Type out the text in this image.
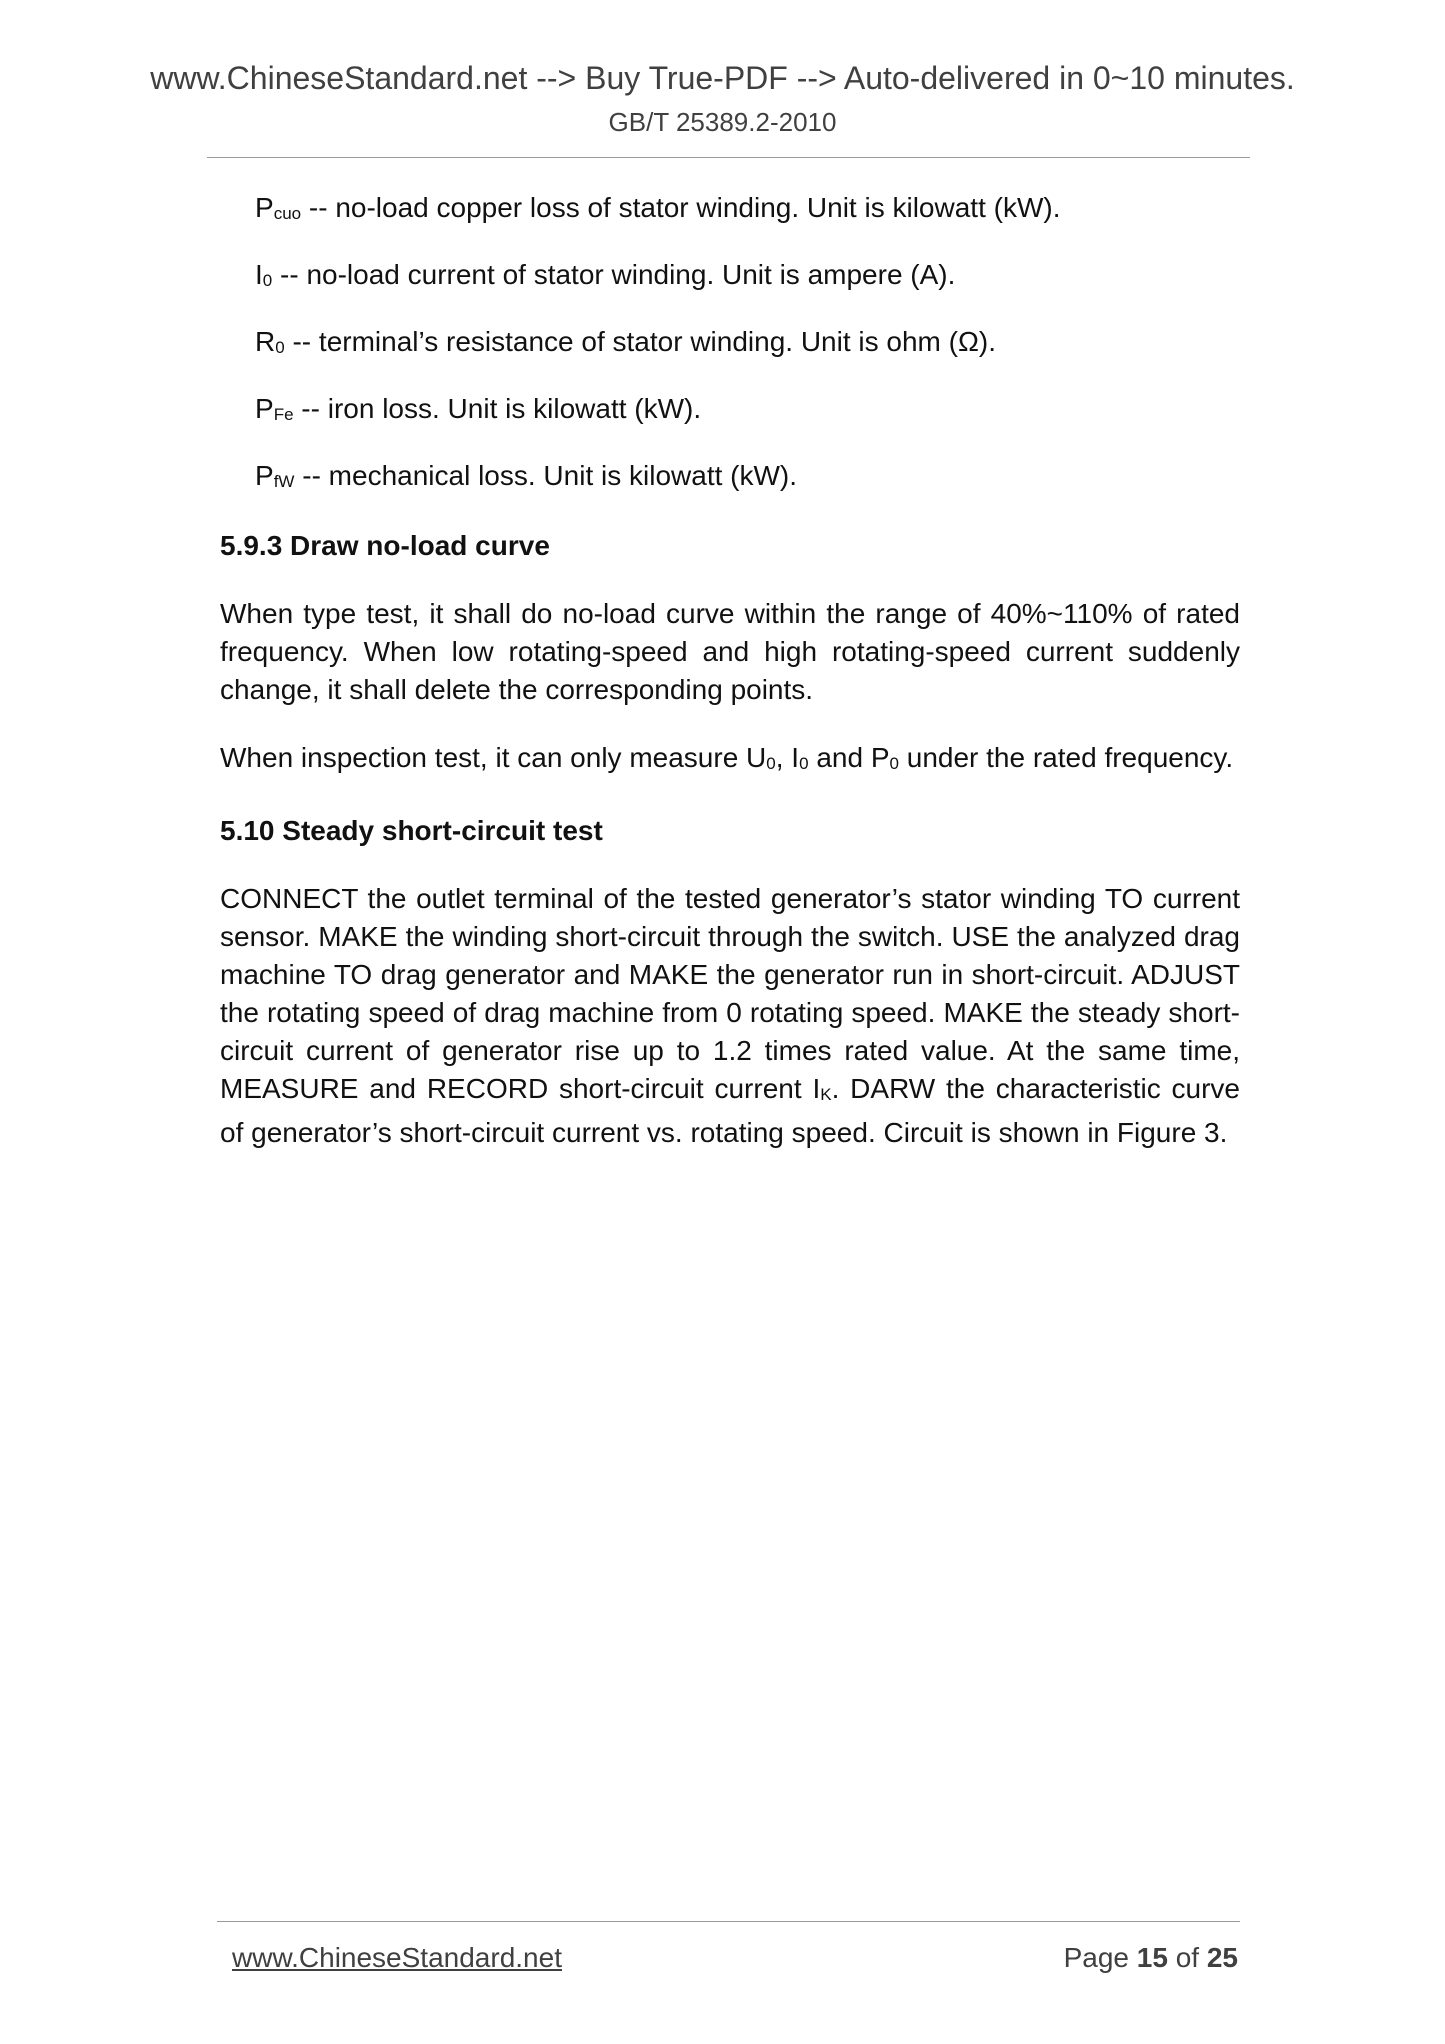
www.ChineseStandard.net --> Buy True-PDF --> Auto-delivered in 0~10 minutes.
GB/T 25389.2-2010
Pcuo -- no-load copper loss of stator winding. Unit is kilowatt (kW).
I0 -- no-load current of stator winding. Unit is ampere (A).
R0 -- terminal’s resistance of stator winding. Unit is ohm (Ω).
PFe -- iron loss. Unit is kilowatt (kW).
PfW -- mechanical loss. Unit is kilowatt (kW).
5.9.3 Draw no-load curve

When type test, it shall do no-load curve within the range of 40%~110% of rated frequency. When low rotating-speed and high rotating-speed current suddenly change, it shall delete the corresponding points.

When inspection test, it can only measure U0, I0 and P0 under the rated frequency.

5.10 Steady short-circuit test

CONNECT the outlet terminal of the tested generator’s stator winding TO current sensor. MAKE the winding short-circuit through the switch. USE the analyzed drag machine TO drag generator and MAKE the generator run in short-circuit. ADJUST the rotating speed of drag machine from 0 rotating speed. MAKE the steady short-circuit current of generator rise up to 1.2 times rated value. At the same time, MEASURE and RECORD short-circuit current IK. DARW the characteristic curve of generator’s short-circuit current vs. rotating speed. Circuit is shown in Figure 3.

www.ChineseStandard.net	Page 15 of 25
